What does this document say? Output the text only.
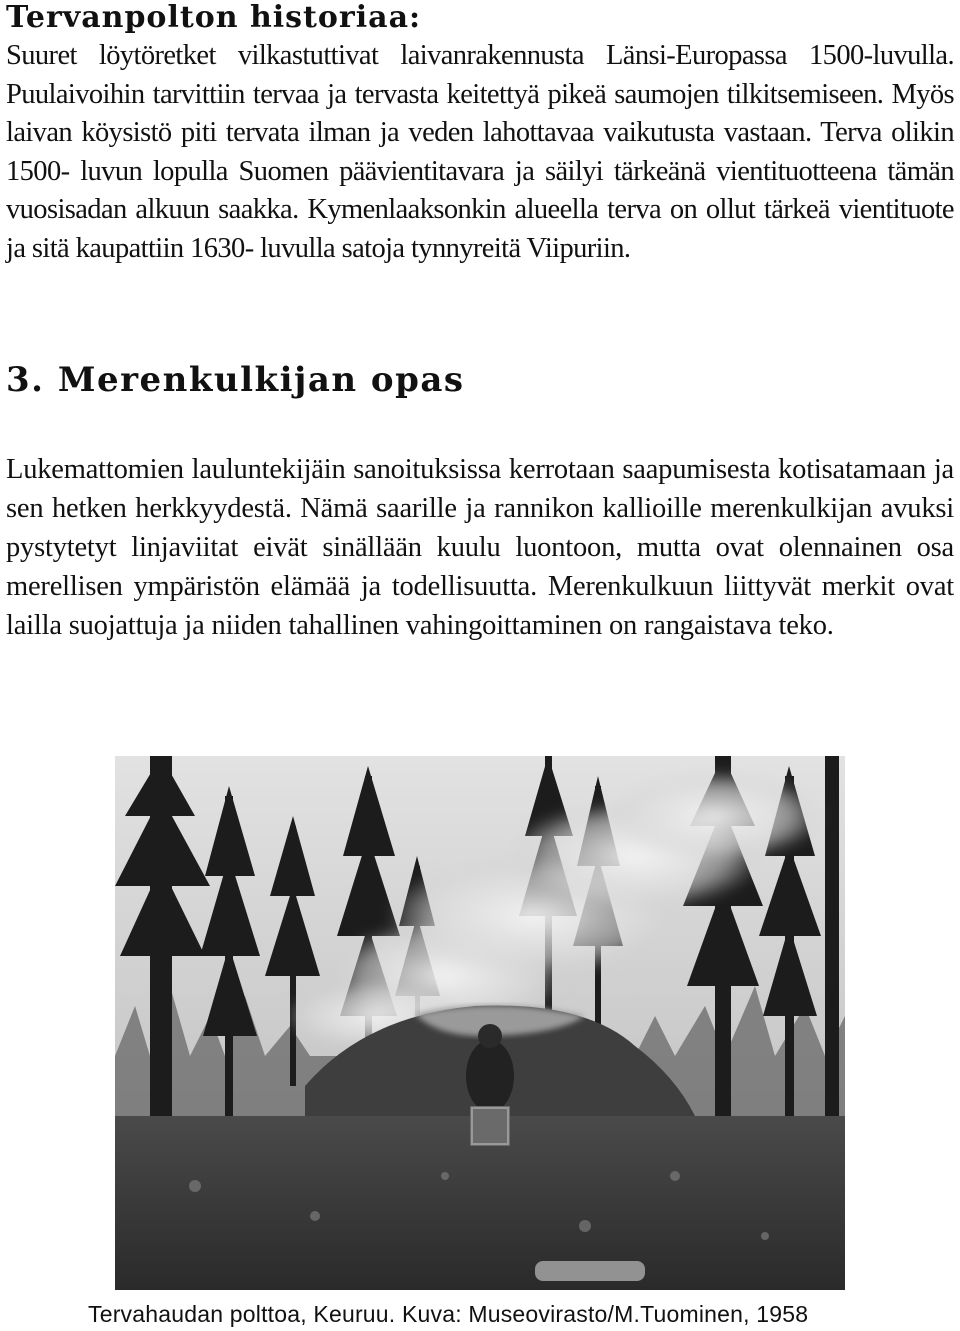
Tervanpolton historiaa:

Suuret löytöretket vilkastuttivat laivanrakennusta Länsi-Europassa 1500-luvulla. Puulaivoihin tarvittiin tervaa ja tervasta keitettyä pikeä saumojen tilkitsemiseen. Myös laivan köysistö piti tervata ilman ja veden lahottavaa vaikutusta vastaan. Terva olikin 1500- luvun lopulla Suomen päävientitavara ja säilyi tärkeänä vientituotteena tämän vuosisadan alkuun saakka. Kymenlaaksonkin alueella terva on ollut tärkeä vientituote ja sitä kaupattiin 1630- luvulla satoja tynnyreitä Viipuriin.

3. Merenkulkijan opas

Lukemattomien lauluntekijäin sanoituksissa kerrotaan saapumisesta kotisatamaan ja sen hetken herkkyydestä. Nämä saarille ja rannikon kallioille merenkulkijan avuksi pystytetyt linjaviitat eivät sinällään kuulu luontoon, mutta ovat olennainen osa merellisen ympäristön elämää ja todellisuutta. Merenkulkuun liittyvät merkit ovat lailla suojattuja ja niiden tahallinen vahingoittaminen on rangaistava teko.

Tervahaudan polttoa, Keuruu. Kuva: Museovirasto/M.Tuominen, 1958
